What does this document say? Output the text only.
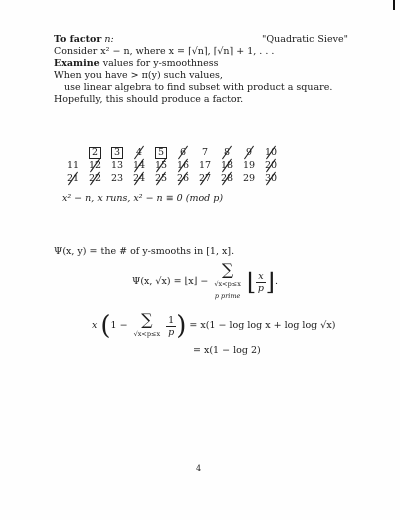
To factor n:	"Quadratic Sieve"
Consider x² − n, where x = ⌈√n⌉, ⌈√n⌉ + 1, . . .
Examine values for y-smoothness
When you have > π(y) such values,
use linear algebra to find subset with product a square.
Hopefully, this should produce a factor.
2 3 4 5 6 7 8 9 10
11 12 13 14 15 16 17 18 19 20
21 22 23 24 25 26 27 28 29 30
x² − n, x runs, x² − n ≡ 0 (mod p)
Ψ(x, y) = the # of y-smooths in [1, x].
Ψ(x, √x) = ⌊x⌋ −
∑
√x<p≤x
p prime ⌊ $\frac{x}{p}$ ⌋.
x (1 − ∑
√x<p≤x
$\frac{1}{p}$ ) = x(1 − log log x + log log √x)
= x(1 − log 2)
4
